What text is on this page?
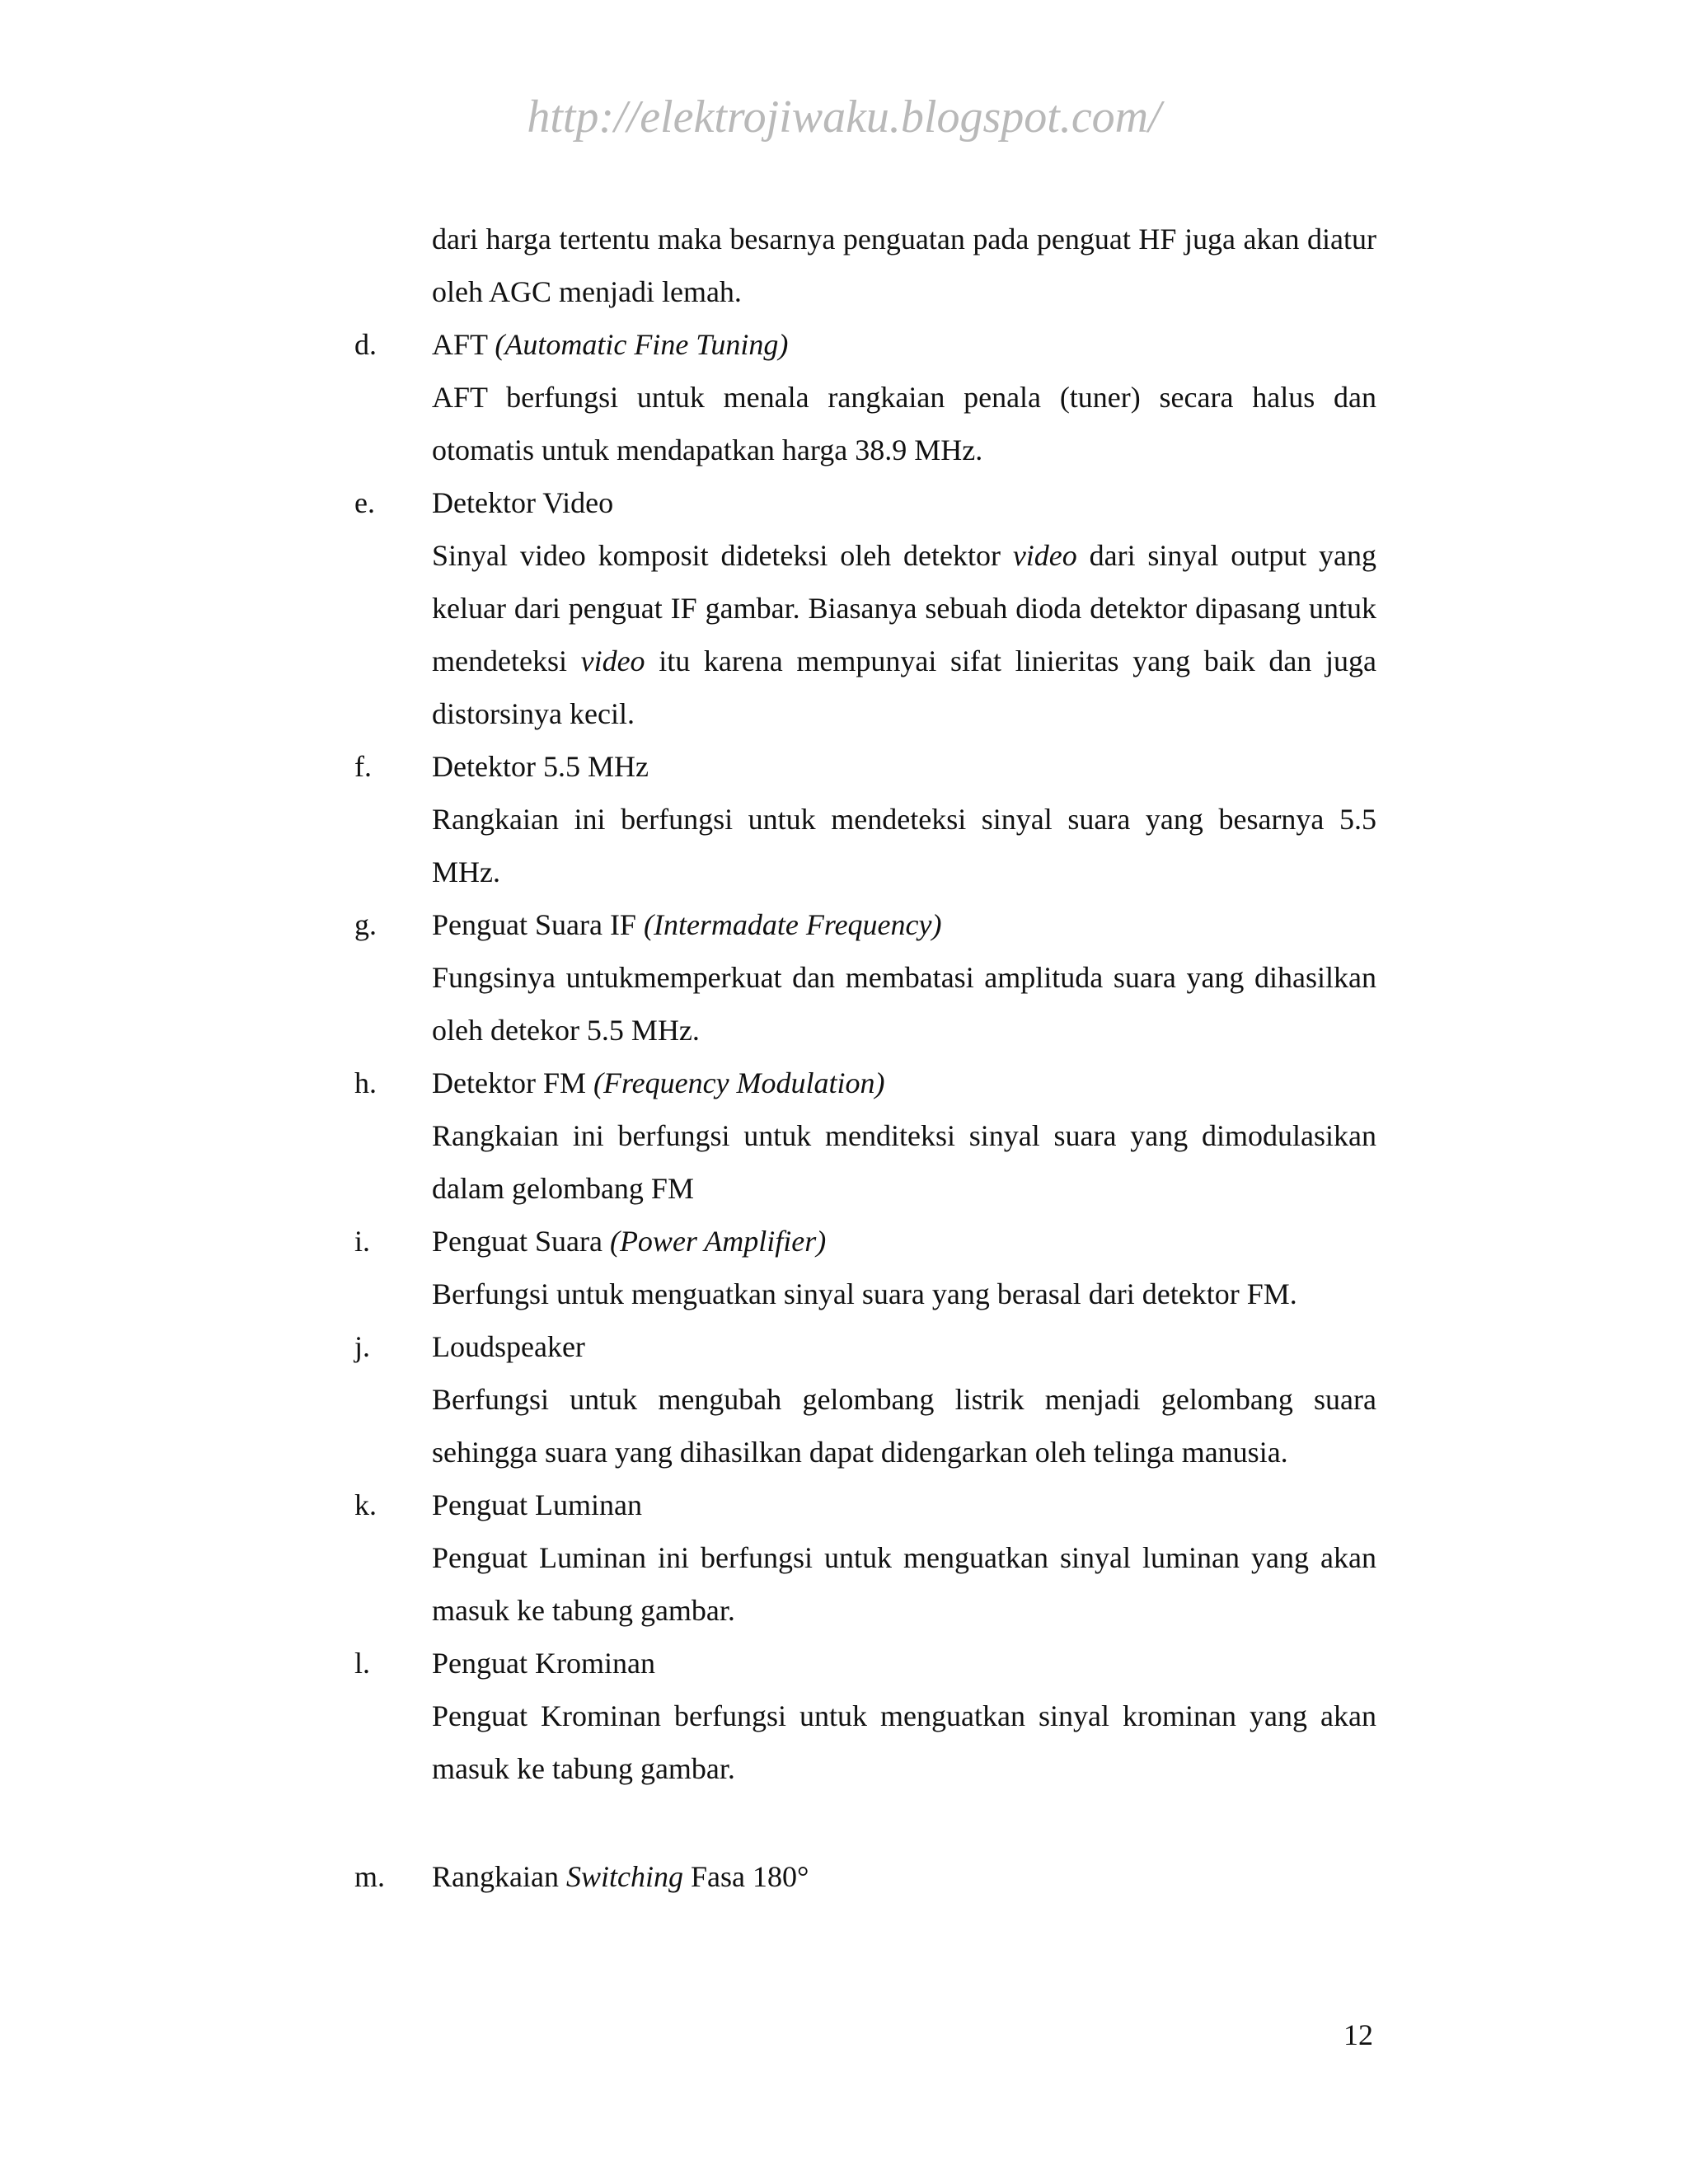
http://elektrojiwaku.blogspot.com/

dari harga tertentu maka besarnya penguatan pada penguat HF juga akan diatur oleh AGC menjadi lemah.

d.	AFT (Automatic Fine Tuning)

AFT berfungsi untuk menala rangkaian penala (tuner) secara halus dan otomatis untuk mendapatkan harga 38.9 MHz.

e.	Detektor Video

Sinyal video komposit dideteksi oleh detektor video dari sinyal output yang keluar dari penguat IF gambar. Biasanya sebuah dioda detektor dipasang untuk mendeteksi video itu karena mempunyai sifat linieritas yang baik dan juga distorsinya kecil.

f.	Detektor 5.5 MHz

Rangkaian ini berfungsi untuk mendeteksi sinyal suara yang besarnya 5.5 MHz.

g.	Penguat Suara IF (Intermadate Frequency)

Fungsinya untukmemperkuat dan membatasi amplituda suara yang dihasilkan oleh detekor 5.5 MHz.

h.	Detektor FM (Frequency Modulation)

Rangkaian ini berfungsi untuk menditeksi sinyal suara yang dimodulasikan dalam gelombang FM

i.	Penguat Suara (Power Amplifier)

Berfungsi untuk menguatkan sinyal suara yang berasal dari detektor FM.

j.	Loudspeaker

Berfungsi untuk mengubah gelombang listrik menjadi gelombang suara sehingga suara yang dihasilkan dapat didengarkan oleh telinga manusia.

k.	Penguat Luminan

Penguat Luminan ini berfungsi untuk menguatkan sinyal luminan yang akan masuk ke tabung gambar.

l.	Penguat Krominan

Penguat Krominan berfungsi untuk menguatkan sinyal krominan yang akan masuk ke tabung gambar.

m.	Rangkaian Switching Fasa 180°
12
